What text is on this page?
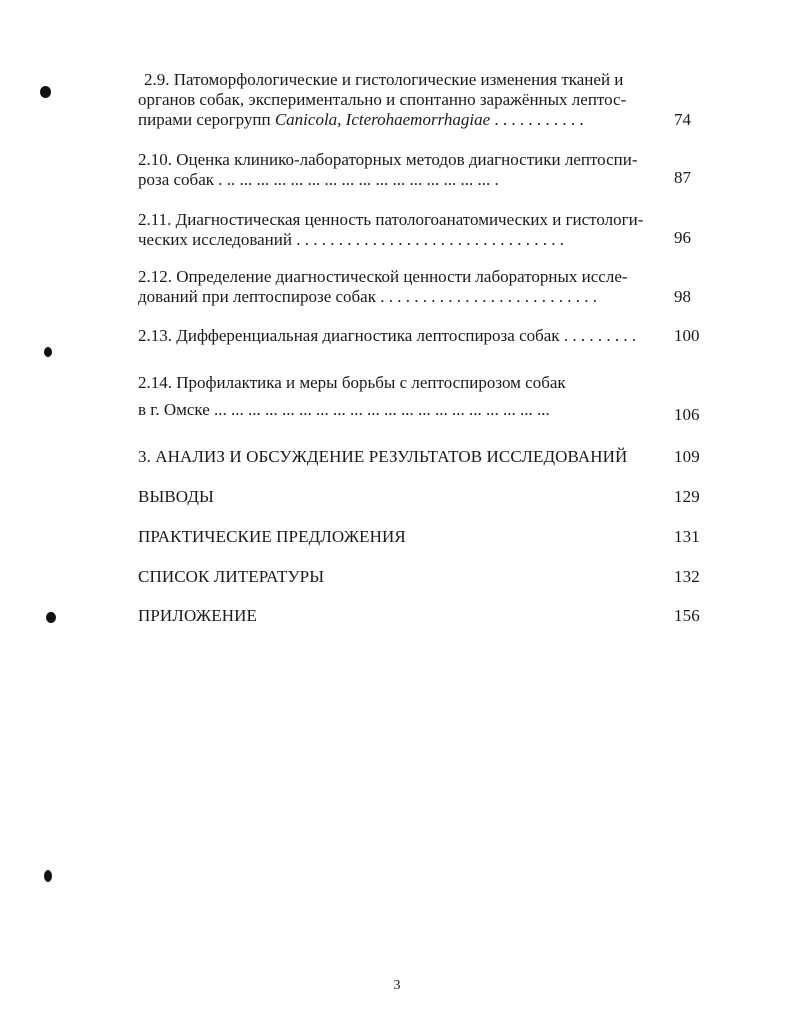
2.9. Патоморфологические и гистологические изменения тканей и
органов собак, экспериментально и спонтанно заражённых лептос-
пирами серогрупп Canicola, Icterohaemorrhagiae . . . . . . . . . . .	74
2.10. Оценка клинико-лабораторных методов диагностики лептоспи-
роза собак . .. ... ... ... ... ... ... ... ... ... ... ... ... ... ... ... .	87
2.11. Диагностическая ценность патологоанатомических и гистологи-
ческих исследований . . . . . . . . . . . . . . . . . . . . . . . . . . . . . . . .	96
2.12. Определение диагностической ценности лабораторных иссле-
дований при лептоспирозе собак . . . . . . . . . . . . . . . . . . . . . . . . . .	98
2.13. Дифференциальная диагностика лептоспироза собак . . . . . . . . .	100
2.14. Профилактика и меры борьбы с лептоспирозом собак
в г. Омске ... ... ... ... ... ... ... ... ... ... ... ... ... ... ... ... ... ... ... ...	106
3. АНАЛИЗ И ОБСУЖДЕНИЕ РЕЗУЛЬТАТОВ ИССЛЕДОВАНИЙ	109
ВЫВОДЫ	129
ПРАКТИЧЕСКИЕ ПРЕДЛОЖЕНИЯ	131
СПИСОК ЛИТЕРАТУРЫ	132
ПРИЛОЖЕНИЕ	156
3
